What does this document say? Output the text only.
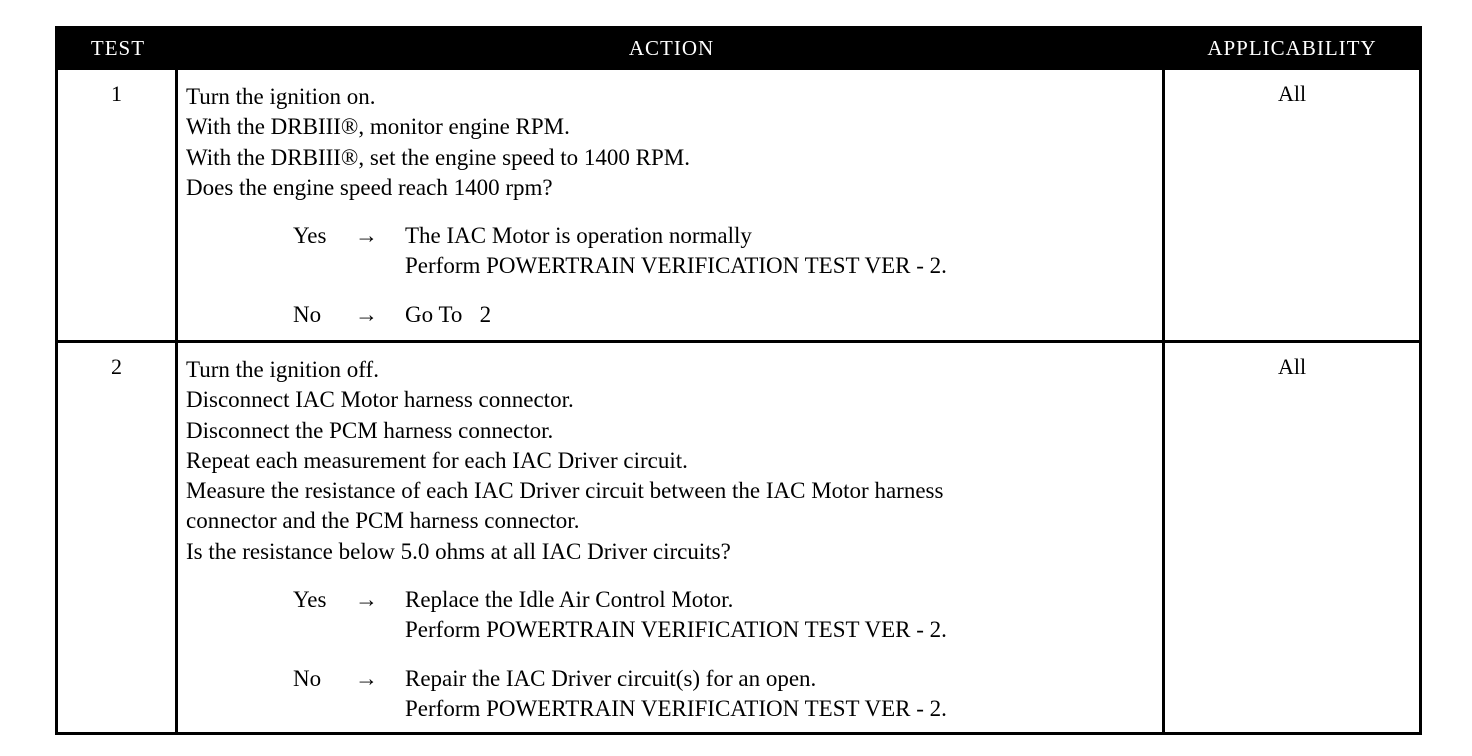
TEST	ACTION	APPLICABILITY
1	Turn the ignition on.
With the DRBIII®, monitor engine RPM.
With the DRBIII®, set the engine speed to 1400 RPM.
Does the engine speed reach 1400 rpm?
Yes	→	The IAC Motor is operation normally
Perform POWERTRAIN VERIFICATION TEST VER - 2.
No	→	Go To   2
All
2	Turn the ignition off.
Disconnect IAC Motor harness connector.
Disconnect the PCM harness connector.
Repeat each measurement for each IAC Driver circuit.
Measure the resistance of each IAC Driver circuit between the IAC Motor harness
connector and the PCM harness connector.
Is the resistance below 5.0 ohms at all IAC Driver circuits?
Yes	→	Replace the Idle Air Control Motor.
Perform POWERTRAIN VERIFICATION TEST VER - 2.
No	→	Repair the IAC Driver circuit(s) for an open.
Perform POWERTRAIN VERIFICATION TEST VER - 2.
All
